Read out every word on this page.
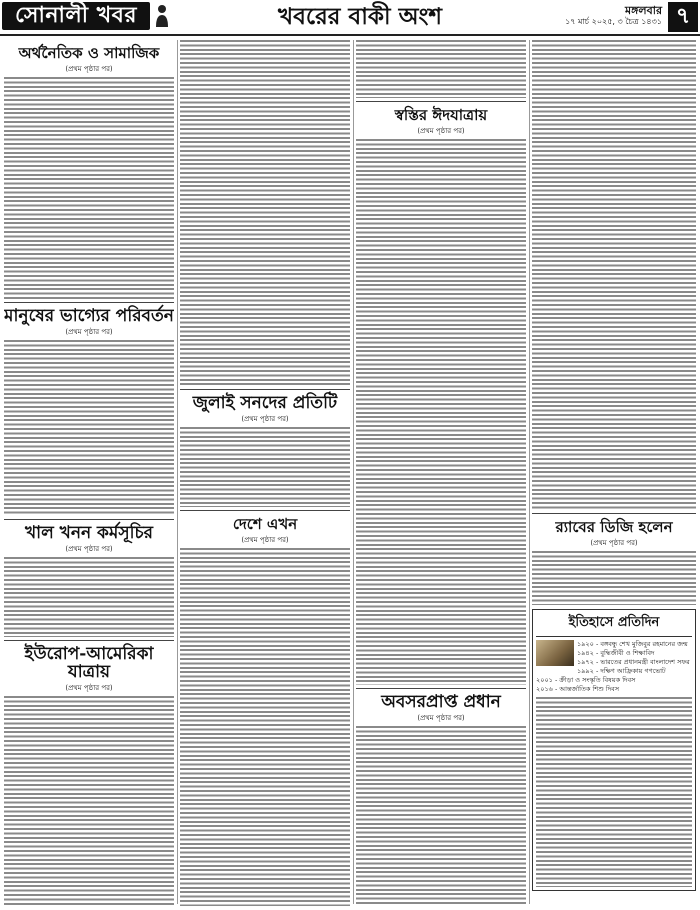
সোনালী খবর	খবরের বাকী অংশ	মঙ্গলবার
১৭ মার্চ ২০২৫, ৩ চৈত্র ১৪৩১ ৭
অর্থনৈতিক ও সামাজিক
(প্রথম পৃষ্ঠার পর)
মানুষের ভাগ্যের পরিবর্তন
(প্রথম পৃষ্ঠার পর)
খাল খনন কর্মসূচির
(প্রথম পৃষ্ঠার পর)
ইউরোপ-আমেরিকা যাত্রায়
(প্রথম পৃষ্ঠার পর)
জুলাই সনদের প্রতিটি
(প্রথম পৃষ্ঠার পর)
দেশে এখন
(প্রথম পৃষ্ঠার পর)
স্বস্তির ঈদযাত্রায়
(প্রথম পৃষ্ঠার পর)
অবসরপ্রাপ্ত প্রধান
(প্রথম পৃষ্ঠার পর)
র‌্যাবের ডিজি হলেন
(প্রথম পৃষ্ঠার পর)
ইতিহাসে প্রতিদিন
১৯২০ - বঙ্গবন্ধু শেখ মুজিবুর রহমানের জন্ম
১৯৪২ - বুদ্ধিজীবী ও শিক্ষাবিদ
১৯৭২ - ভারতের প্রধানমন্ত্রী বাংলাদেশ সফর
১৯৯২ - দক্ষিণ আফ্রিকায় গণভোট
২০০১ - ক্রীড়া ও সংস্কৃতি বিষয়ক দিবস
২০১৬ - আন্তর্জাতিক শিশু দিবস
